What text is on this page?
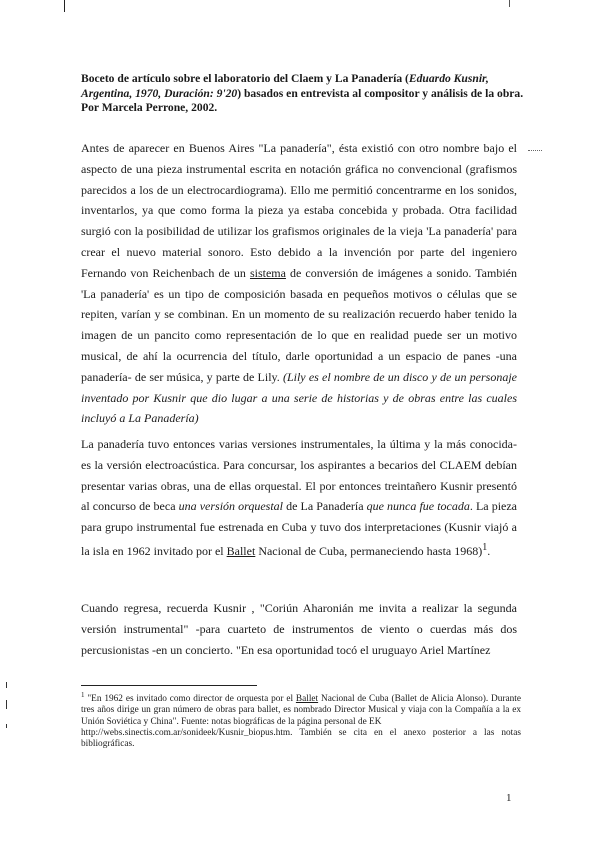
Boceto de artículo sobre el laboratorio del Claem y La Panadería (Eduardo Kusnir, Argentina, 1970, Duración: 9'20) basados en entrevista al compositor y análisis de la obra. Por Marcela Perrone, 2002.
Antes de aparecer en Buenos Aires "La panadería", ésta existió con otro nombre bajo el aspecto de una pieza instrumental escrita en notación gráfica no convencional (grafismos parecidos a los de un electrocardiograma). Ello me permitió concentrarme en los sonidos, inventarlos, ya que como forma la pieza ya estaba concebida y probada. Otra facilidad surgió con la posibilidad de utilizar los grafismos originales de la vieja 'La panadería' para crear el nuevo material sonoro. Esto debido a la invención por parte del ingeniero Fernando von Reichenbach de un sistema de conversión de imágenes a sonido. También 'La panadería' es un tipo de composición basada en pequeños motivos o células que se repiten, varían y se combinan. En un momento de su realización recuerdo haber tenido la imagen de un pancito como representación de lo que en realidad puede ser un motivo musical, de ahí la ocurrencia del título, darle oportunidad a un espacio de panes -una panadería- de ser música, y parte de Lily. (Lily es el nombre de un disco y de un personaje inventado por Kusnir que dio lugar a una serie de historias y de obras entre las cuales incluyó a La Panadería)
La panadería tuvo entonces varias versiones instrumentales, la última y la más conocida-es la versión electroacústica. Para concursar, los aspirantes a becarios del CLAEM debían presentar varias obras, una de ellas orquestal. El por entonces treintañero Kusnir presentó al concurso de beca una versión orquestal de La Panadería que nunca fue tocada. La pieza para grupo instrumental fue estrenada en Cuba y tuvo dos interpretaciones (Kusnir viajó a la isla en 1962 invitado por el Ballet Nacional de Cuba, permaneciendo hasta 1968)$^1$.
Cuando regresa, recuerda Kusnir , "Coriún Aharonián me invita a realizar la segunda versión instrumental" -para cuarteto de instrumentos de viento o cuerdas más dos percusionistas -en un concierto. "En esa oportunidad tocó el uruguayo Ariel Martínez
$^1$ "En 1962 es invitado como director de orquesta por el Ballet Nacional de Cuba (Ballet de Alicia Alonso). Durante tres años dirige un gran número de obras para ballet, es nombrado Director Musical y viaja con la Compañía a la ex Unión Soviética y China". Fuente: notas biográficas de la página personal de EK
http://webs.sinectis.com.ar/sonideek/Kusnir_biopus.htm. También se cita en el anexo posterior a las notas bibliográficas.
1
